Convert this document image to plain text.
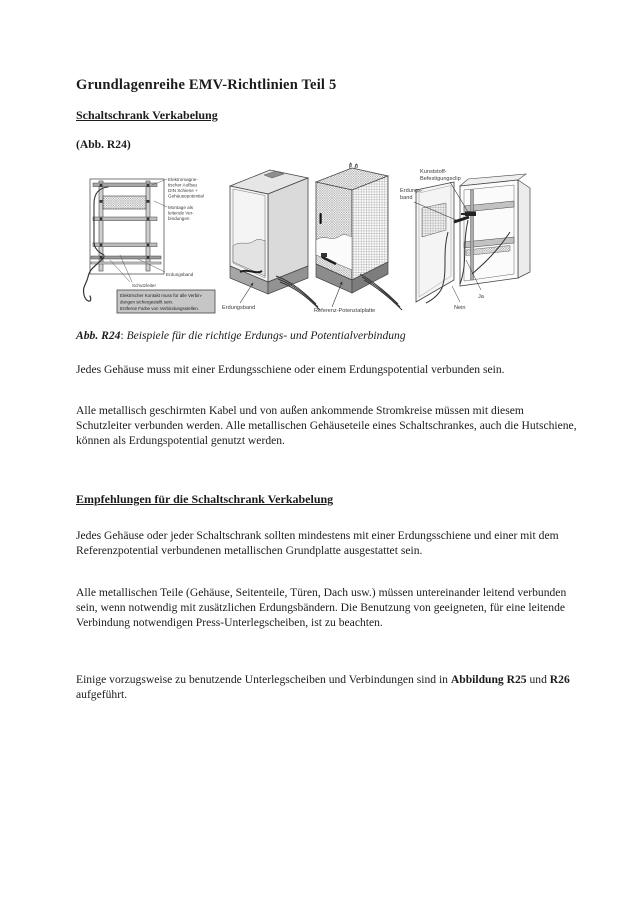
Grundlagenreihe EMV-Richtlinien Teil 5
Schaltschrank Verkabelung
(Abb. R24)
Elektromagne-
tischer Aufbau
DIN Schiene +
Gehäusepotential
Montage als
leitende Ver-
bindungen
Erdungsband
Schutzleiter
Elektrischer Kontakt muss für alle Verbin-
dungen sichergestellt sein.
Entferne Farbe von Verbindungsstellen.	Erdungsband	Referenz-Potenzialplatte
Kunststoff-
Befestigungsclip
Erdungs-
band
Ja
Nein
Abb. R24: Beispiele für die richtige Erdungs- und Potentialverbindung
Jedes Gehäuse muss mit einer Erdungsschiene oder einem Erdungspotential verbunden sein.
Alle metallisch geschirmten Kabel und von außen ankommende Stromkreise müssen mit diesem Schutzleiter verbunden werden. Alle metallischen Gehäuseteile eines Schaltschrankes, auch die Hutschiene, können als Erdungspotential genutzt werden.
Empfehlungen für die Schaltschrank Verkabelung
Jedes Gehäuse oder jeder Schaltschrank sollten mindestens mit einer Erdungsschiene und einer mit dem Referenzpotential verbundenen metallischen Grundplatte ausgestattet sein.
Alle metallischen Teile (Gehäuse, Seitenteile, Türen, Dach usw.) müssen untereinander leitend verbunden sein, wenn notwendig mit zusätzlichen Erdungsbändern. Die Benutzung von geeigneten, für eine leitende Verbindung notwendigen Press-Unterlegscheiben, ist zu beachten.
Einige vorzugsweise zu benutzende Unterlegscheiben und Verbindungen sind in Abbildung R25 und R26 aufgeführt.
